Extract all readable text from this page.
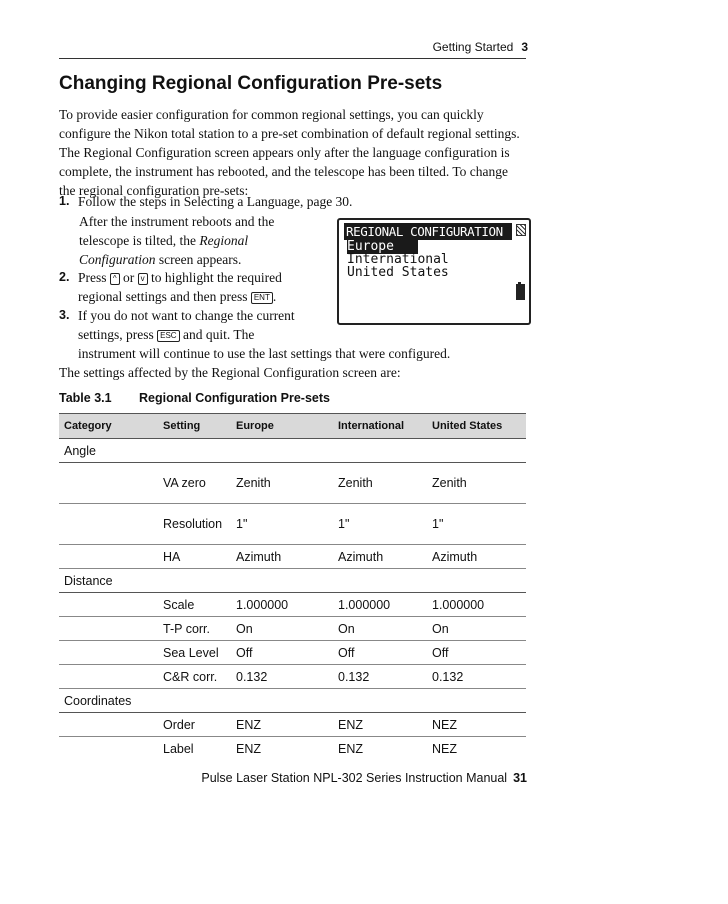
Getting Started 3
Changing Regional Configuration Pre-sets

To provide easier configuration for common regional settings, you can quickly configure the Nikon total station to a pre-set combination of default regional settings. The Regional Configuration screen appears only after the language configuration is complete, the instrument has rebooted, and the telescope has been tilted. To change the regional configuration pre-sets:

1. Follow the steps in Selecting a Language, page 30.
After the instrument reboots and the
telescope is tilted, the Regional
Configuration screen appears.
2. Press ^ or v to highlight the required
regional settings and then press ENT .
3. If you do not want to change the current
settings, press ESC and quit. The
instrument will continue to use the last settings that were configured.
The settings affected by the Regional Configuration screen are:
REGIONAL CONFIGURATION
Europe
International
United States
Table 3.1 Regional Configuration Pre-sets
Category	Setting	Europe	International	United States
Angle				
	VA zero	Zenith	Zenith	Zenith
	Resolution	1"	1"	1"
	HA	Azimuth	Azimuth	Azimuth
Distance				
	Scale	1.000000	1.000000	1.000000
	T-P corr.	On	On	On
	Sea Level	Off	Off	Off
	C&R corr.	0.132	0.132	0.132
Coordinates				
	Order	ENZ	ENZ	NEZ
	Label	ENZ	ENZ	NEZ
Pulse Laser Station NPL-302 Series Instruction Manual 31
